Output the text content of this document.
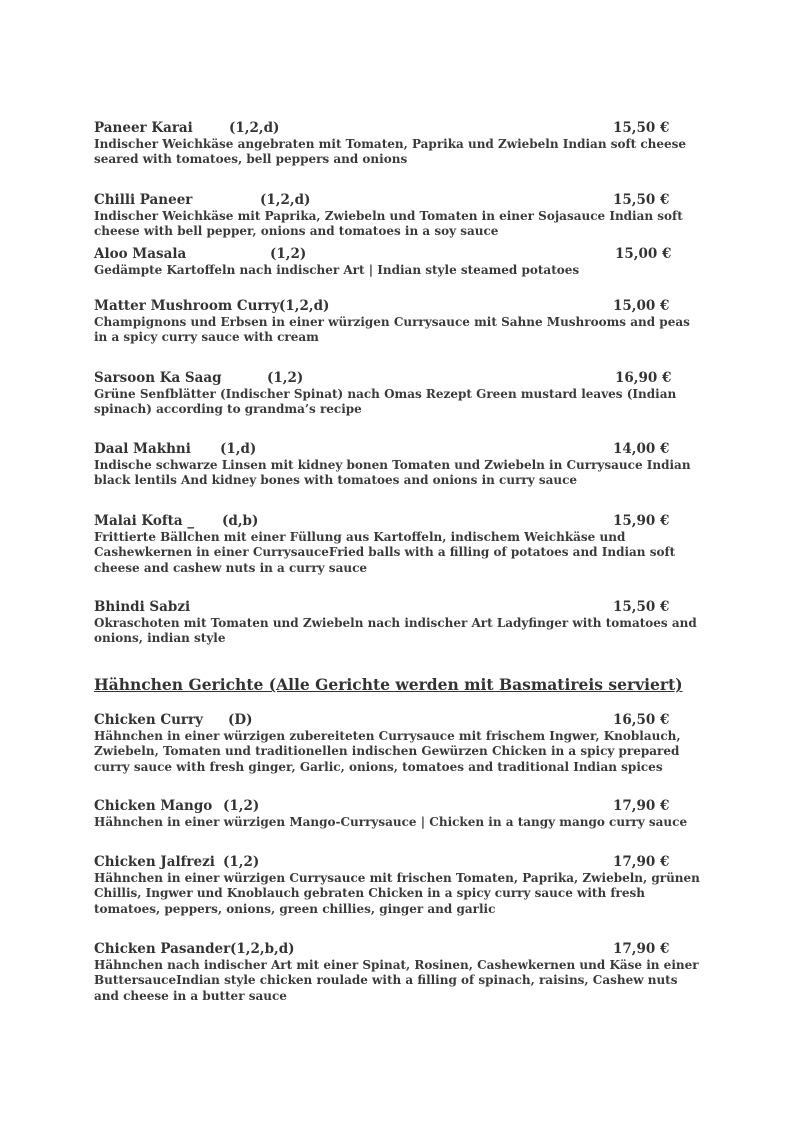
Paneer Karai	(1,2,d)	15,50 €
Indischer Weichkäse angebraten mit Tomaten, Paprika und Zwiebeln Indian soft cheese seared with tomatoes, bell peppers and onions
Chilli Paneer	(1,2,d)	15,50 €
Indischer Weichkäse mit Paprika, Zwiebeln und Tomaten in einer Sojasauce Indian soft cheese with bell pepper, onions and tomatoes in a soy sauce
Aloo Masala	(1,2)	15,00 €
Gedämpte Kartoffeln nach indischer Art | Indian style steamed potatoes
Matter Mushroom Curry (1,2,d)	15,00 €
Champignons und Erbsen in einer würzigen Currysauce mit Sahne Mushrooms and peas in a spicy curry sauce with cream
Sarsoon Ka Saag	(1,2)	16,90 €
Grüne Senfblätter (Indischer Spinat) nach Omas Rezept Green mustard leaves (Indian spinach) according to grandma’s recipe
Daal Makhni (1,d)	14,00 €
Indische schwarze Linsen mit kidney bonen Tomaten und Zwiebeln in Currysauce Indian black lentils And kidney bones with tomatoes and onions in curry sauce
Malai Kofta _ (d,b)	15,90 €
Frittierte Bällchen mit einer Füllung aus Kartoffeln, indischem Weichkäse und Cashewkernen in einer CurrysauceFried balls with a filling of potatoes and Indian soft cheese and cashew nuts in a curry sauce
Bhindi Sabzi	15,50 €
Okraschoten mit Tomaten und Zwiebeln nach indischer Art Ladyfinger with tomatoes and onions, indian style
Hähnchen Gerichte (Alle Gerichte werden mit Basmatireis serviert)
Chicken Curry (D)	16,50 €
Hähnchen in einer würzigen zubereiteten Currysauce mit frischem Ingwer, Knoblauch, Zwiebeln, Tomaten und traditionellen indischen Gewürzen Chicken in a spicy prepared curry sauce with fresh ginger, Garlic, onions, tomatoes and traditional Indian spices
Chicken Mango (1,2)	17,90 €
Hähnchen in einer würzigen Mango-Currysauce | Chicken in a tangy mango curry sauce
Chicken Jalfrezi (1,2)	17,90 €
Hähnchen in einer würzigen Currysauce mit frischen Tomaten, Paprika, Zwiebeln, grünen Chillis, Ingwer und Knoblauch gebraten Chicken in a spicy curry sauce with fresh tomatoes, peppers, onions, green chillies, ginger and garlic
Chicken Pasander (1,2,b,d)	17,90 €
Hähnchen nach indischer Art mit einer Spinat, Rosinen, Cashewkernen und Käse in einer ButtersauceIndian style chicken roulade with a filling of spinach, raisins, Cashew nuts and cheese in a butter sauce
